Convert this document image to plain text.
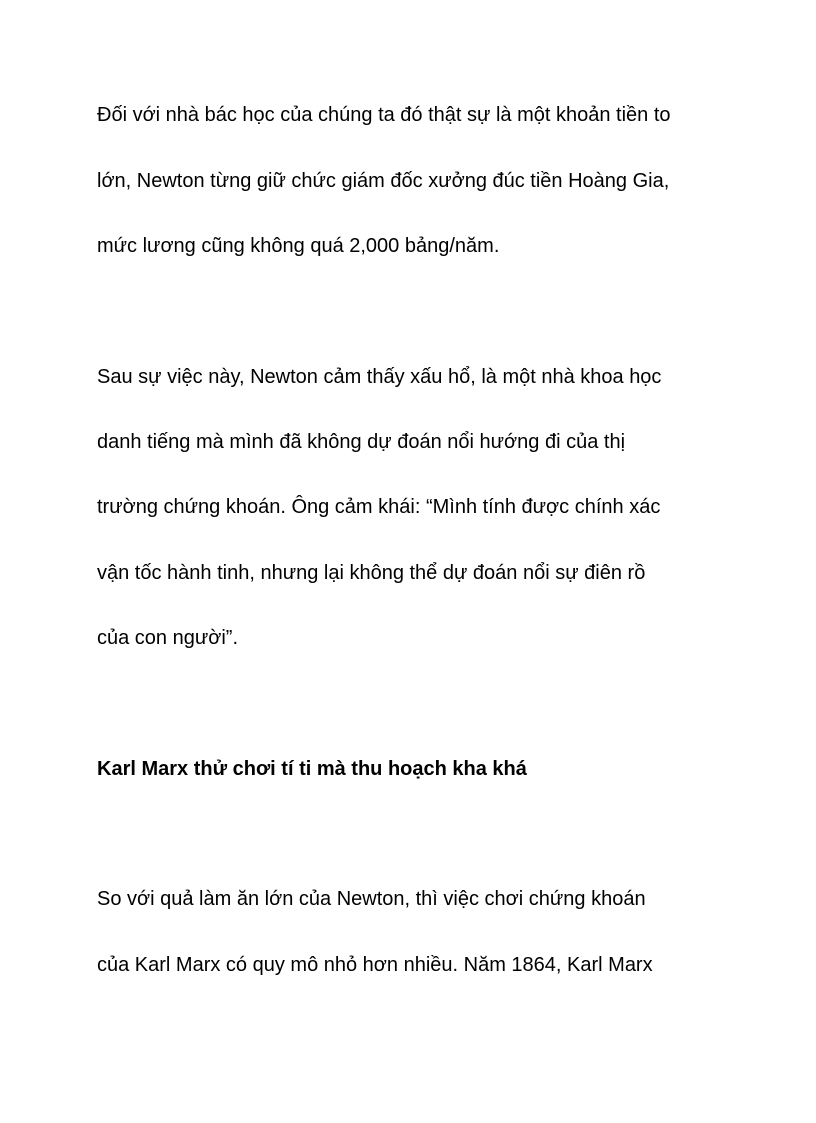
Đối với nhà bác học của chúng ta đó thật sự là một khoản tiền to
lớn, Newton từng giữ chức giám đốc xưởng đúc tiền Hoàng Gia,
mức lương cũng không quá 2,000 bảng/năm.
Sau sự việc này, Newton cảm thấy xấu hổ, là một nhà khoa học
danh tiếng mà mình đã không dự đoán nổi hướng đi của thị
trường chứng khoán. Ông cảm khái: “Mình tính được chính xác
vận tốc hành tinh, nhưng lại không thể dự đoán nổi sự điên rồ
của con người”.
Karl Marx thử chơi tí ti mà thu hoạch kha khá
So với quả làm ăn lớn của Newton, thì việc chơi chứng khoán
của Karl Marx có quy mô nhỏ hơn nhiều. Năm 1864, Karl Marx
